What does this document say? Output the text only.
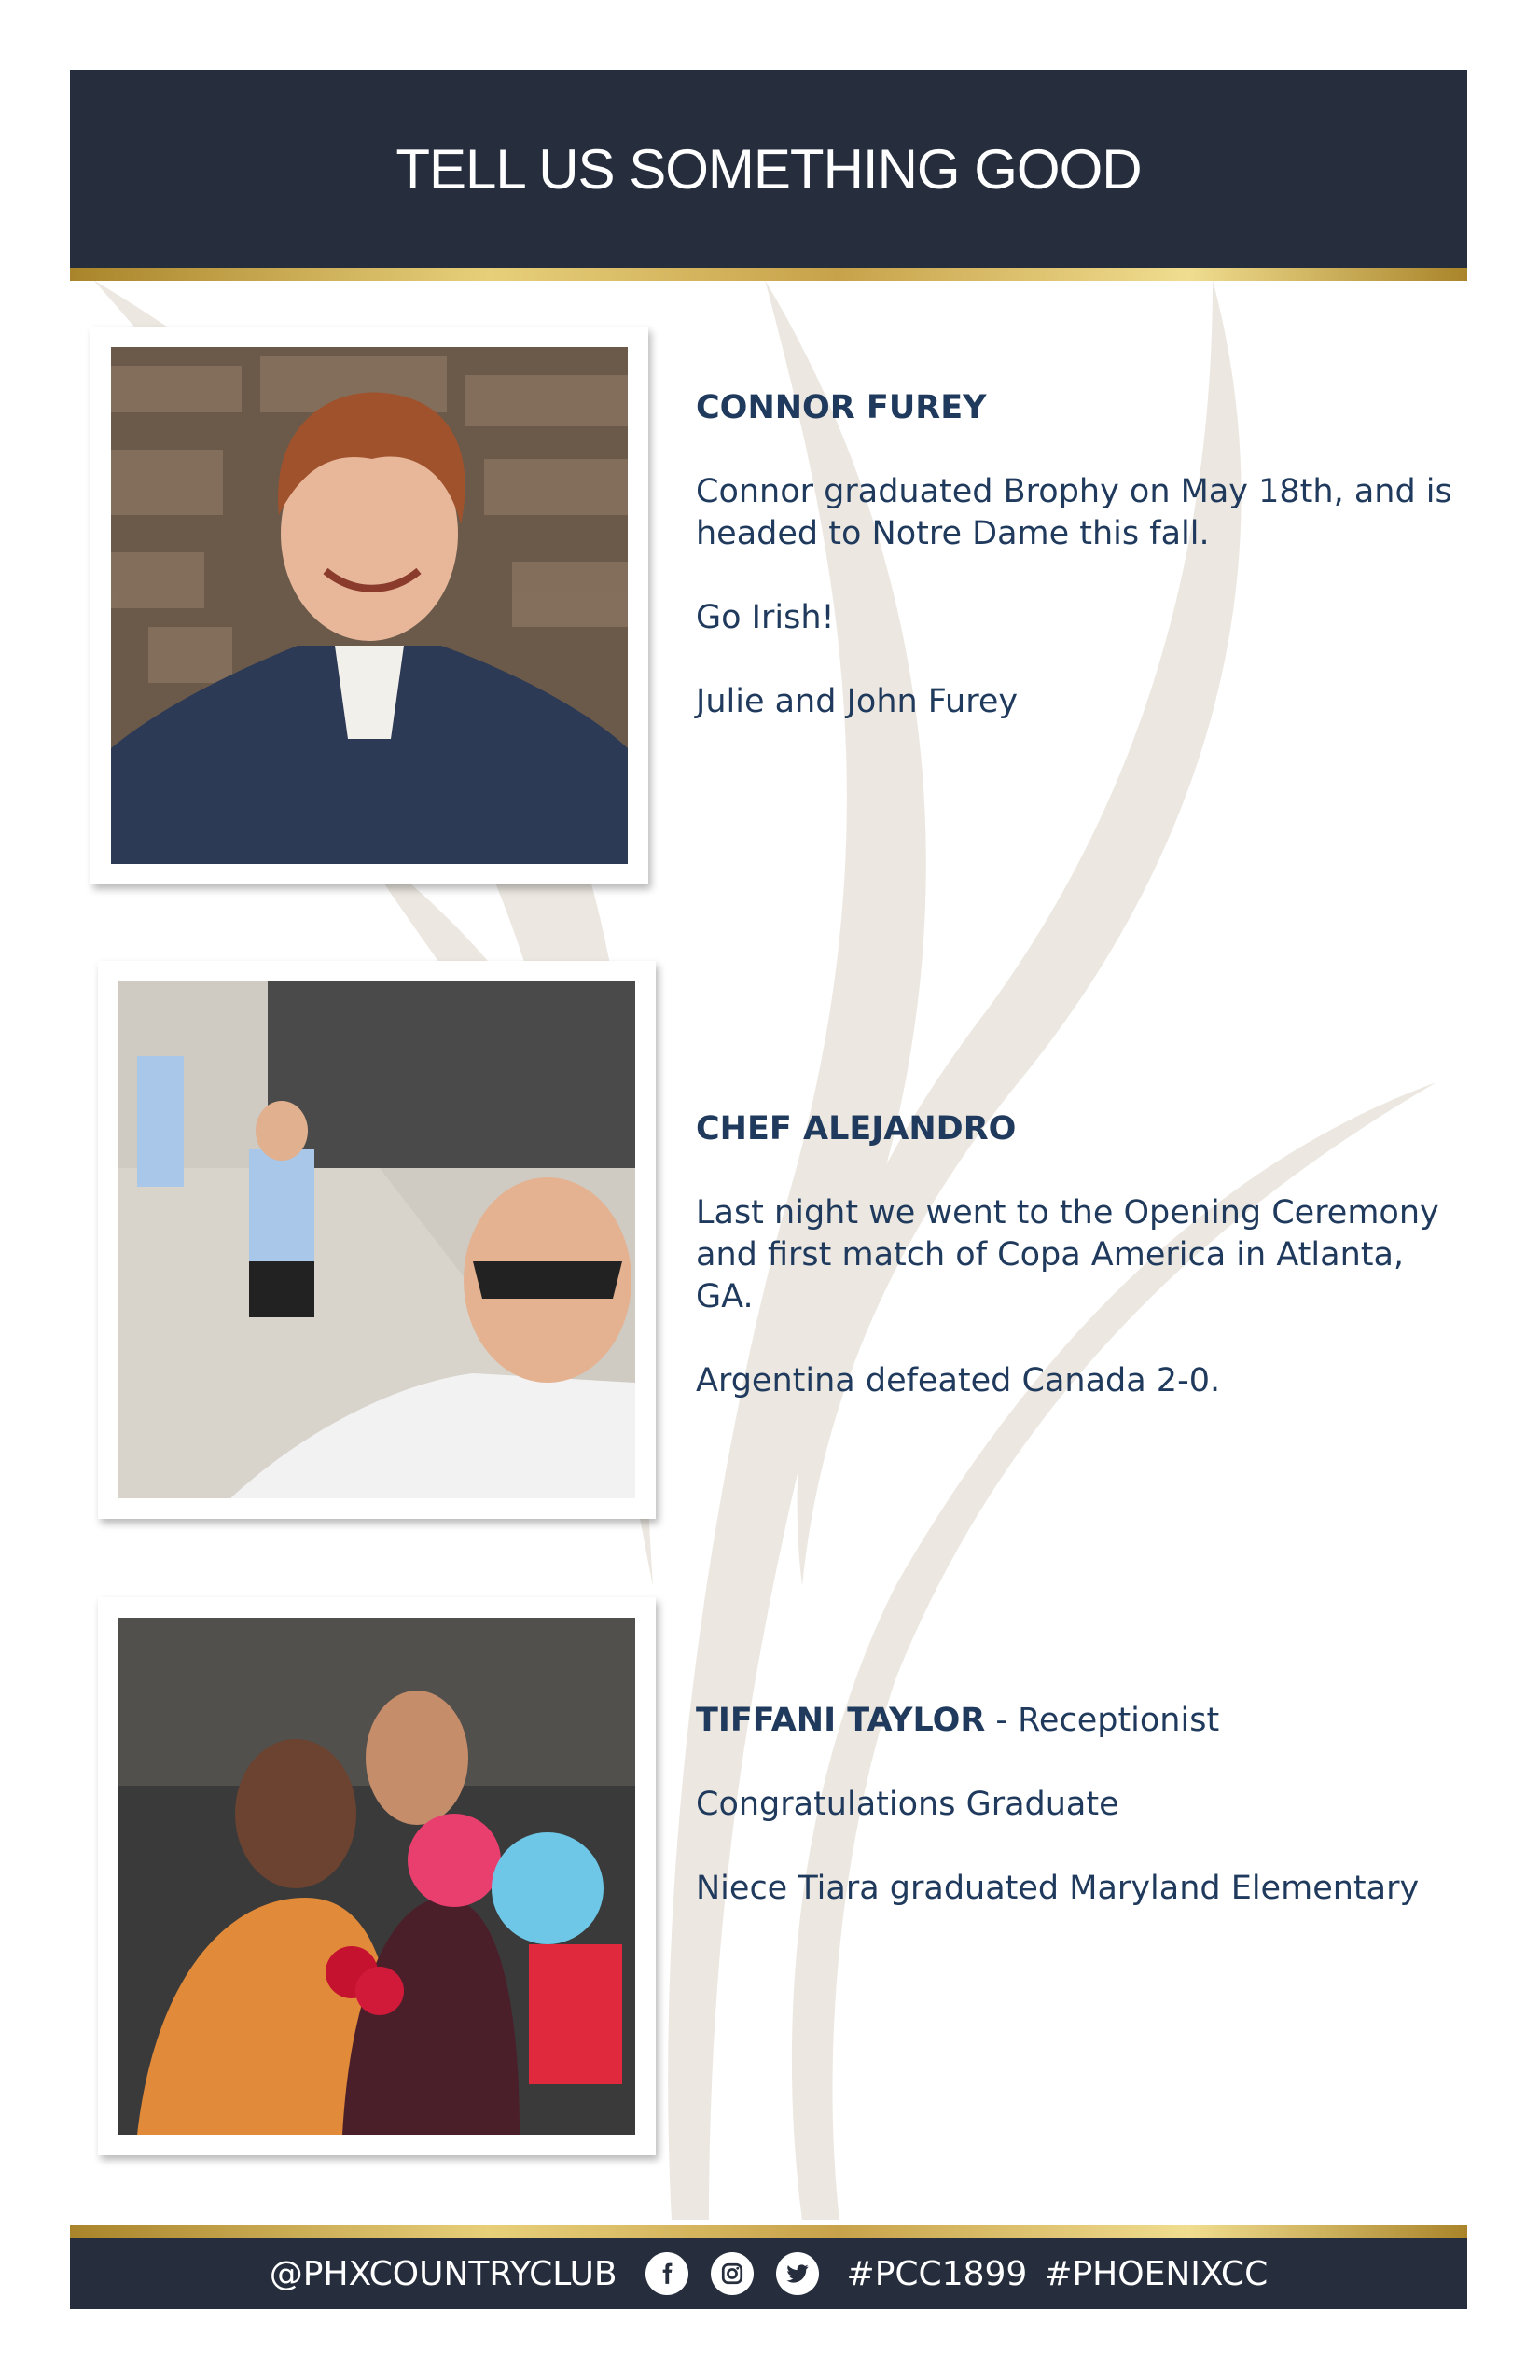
TELL US SOMETHING GOOD

CONNOR FUREY

Connor graduated Brophy on May 18th, and is headed to Notre Dame this fall.

Go Irish!

Julie and John Furey

CHEF ALEJANDRO

Last night we went to the Opening Ceremony and first match of Copa America in Atlanta, GA.

Argentina defeated Canada 2-0.

TIFFANI TAYLOR - Receptionist

Congratulations Graduate

Niece Tiara graduated Maryland Elementary

@PHXCOUNTRYCLUB	#PCC1899 #PHOENIXCC
